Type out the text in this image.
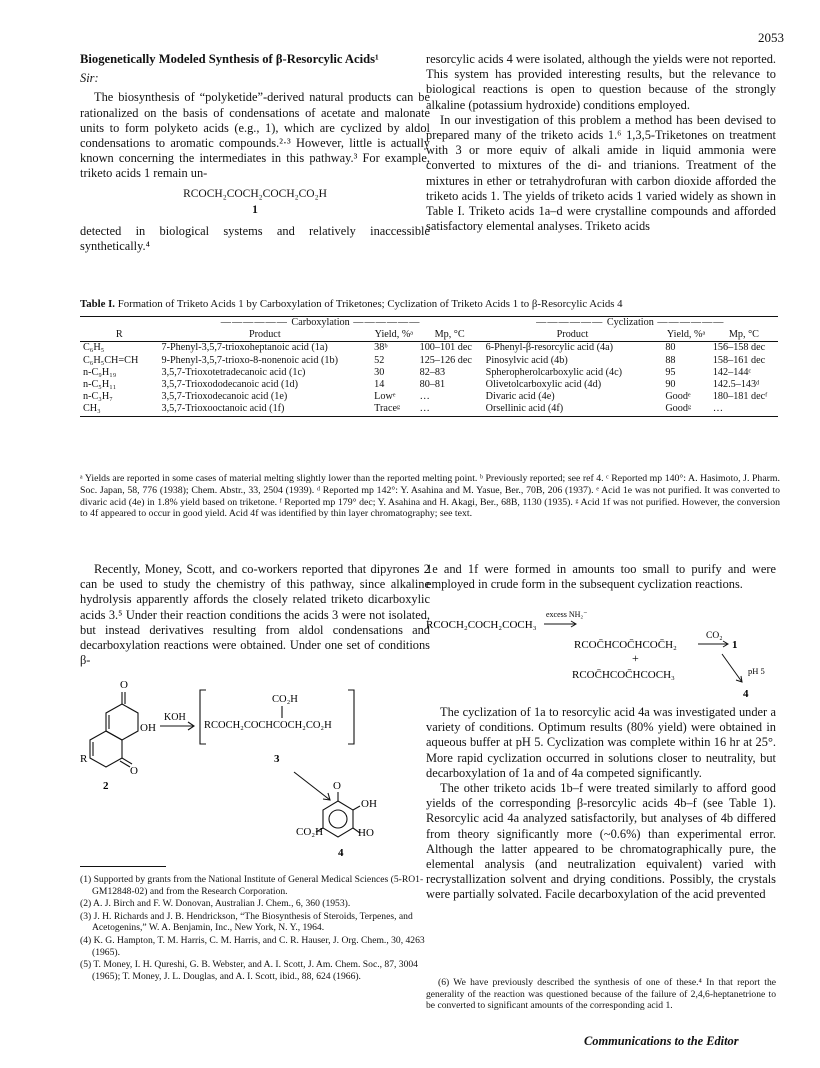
2053
Biogenetically Modeled Synthesis of β-Resorcylic Acids¹
Sir:

The biosynthesis of “polyketide”-derived natural products can be rationalized on the basis of condensations of acetate and malonate units to form polyketo acids (e.g., 1), which are cyclized by aldol condensations to aromatic compounds.²·³ However, little is actually known concerning the intermediates in this pathway.³ For example, triketo acids 1 remain un-

RCOCH₂COCH₂COCH₂CO₂H
1

detected in biological systems and relatively inaccessible synthetically.⁴

resorcylic acids 4 were isolated, although the yields were not reported. This system has provided interesting results, but the relevance to biological reactions is open to question because of the strongly alkaline (potassium hydroxide) conditions employed.

In our investigation of this problem a method has been devised to prepared many of the triketo acids 1.⁶ 1,3,5-Triketones on treatment with 3 or more equiv of alkali amide in liquid ammonia were converted to mixtures of the di- and trianions. Treatment of the mixtures in ether or tetrahydrofuran with carbon dioxide afforded the triketo acids 1. The yields of triketo acids 1 varied widely as shown in Table I. Triketo acids 1a–d were crystalline compounds and afforded satisfactory elemental analyses. Triketo acids

Table I. Formation of Triketo Acids 1 by Carboxylation of Triketones; Cyclization of Triketo Acids 1 to β-Resorcylic Acids 4
	—————— Carboxylation ——————			—————— Cyclization ——————		
R	Product	Yield, %ᵃ	Mp, °C	Product	Yield, %ᵃ	Mp, °C
C₆H₅	7-Phenyl-3,5,7-trioxoheptanoic acid (1a)	38ᵇ	100–101 dec	6-Phenyl-β-resorcylic acid (4a)	80	156–158 dec
C₆H₅CH=CH	9-Phenyl-3,5,7-trioxo-8-nonenoic acid (1b)	52	125–126 dec	Pinosylvic acid (4b)	88	158–161 dec
n-C₉H₁₉	3,5,7-Trioxotetradecanoic acid (1c)	30	82–83	Spheropherolcarboxylic acid (4c)	95	142–144ᶜ
n-C₅H₁₁	3,5,7-Trioxododecanoic acid (1d)	14	80–81	Olivetolcarboxylic acid (4d)	90	142.5–143ᵈ
n-C₃H₇	3,5,7-Trioxodecanoic acid (1e)	Lowᵉ	…	Divaric acid (4e)	Goodᵉ	180–181 decᶠ
CH₃	3,5,7-Trioxooctanoic acid (1f)	Traceᵍ	…	Orsellinic acid (4f)	Goodᵍ	…
ᵃ Yields are reported in some cases of material melting slightly lower than the reported melting point. ᵇ Previously reported; see ref 4. ᶜ Reported mp 140°: A. Hasimoto, J. Pharm. Soc. Japan, 58, 776 (1938); Chem. Abstr., 33, 2504 (1939). ᵈ Reported mp 142°: Y. Asahina and M. Yasue, Ber., 70B, 206 (1937). ᵉ Acid 1e was not purified. It was converted to divaric acid (4e) in 1.8% yield based on triketone. ᶠ Reported mp 179° dec; Y. Asahina and H. Akagi, Ber., 68B, 1130 (1935). ᵍ Acid 1f was not purified. However, the conversion to 4f appeared to occur in good yield. Acid 4f was identified by thin layer chromatography; see text.

Recently, Money, Scott, and co-workers reported that dipyrones 2 can be used to study the chemistry of this pathway, since alkaline hydrolysis apparently affords the closely related triketo dicarboxylic acids 3.⁵ Under their reaction conditions the acids 3 were not isolated, but instead derivatives resulting from aldol condensations and decarboxylation reactions were obtained. Under one set of conditions β-

O
OH
O
R
2
KOH
CO₂H
RCOCH₂COCHCOCH₂CO₂H
3
O
OH
CO₂H	HO
4

(1) Supported by grants from the National Institute of General Medical Sciences (5-RO1-GM12848-02) and from the Research Corporation.

(2) A. J. Birch and F. W. Donovan, Australian J. Chem., 6, 360 (1953).

(3) J. H. Richards and J. B. Hendrickson, “The Biosynthesis of Steroids, Terpenes, and Acetogenins,” W. A. Benjamin, Inc., New York, N. Y., 1964.

(4) K. G. Hampton, T. M. Harris, C. M. Harris, and C. R. Hauser, J. Org. Chem., 30, 4263 (1965).

(5) T. Money, I. H. Qureshi, G. B. Webster, and A. I. Scott, J. Am. Chem. Soc., 87, 3004 (1965); T. Money, J. L. Douglas, and A. I. Scott, ibid., 88, 624 (1966).

1e and 1f were formed in amounts too small to purify and were employed in crude form in the subsequent cyclization reactions.

excess NH₂⁻
RCOCH₂COCH₂COCH₃
RCOC̄HCOC̄HCOC̄H₂
CO₂
1
+
RCOC̄HCOC̄HCOCH₃	pH 5
4

The cyclization of 1a to resorcylic acid 4a was investigated under a variety of conditions. Optimum results (80% yield) were obtained in aqueous buffer at pH 5. Cyclization was complete within 16 hr at 25°. More rapid cyclization occurred in solutions closer to neutrality, but decarboxylation of 1a and of 4a competed significantly.

The other triketo acids 1b–f were treated similarly to afford good yields of the corresponding β-resorcylic acids 4b–f (see Table 1). Resorcylic acid 4a analyzed satisfactorily, but analyses of 4b differed from theory significantly more (~0.6%) than experimental error. Although the latter appeared to be chromatographically pure, the elemental analysis (and neutralization equivalent) varied with recrystallization solvent and drying conditions. Possibly, the crystals were partially solvated. Facile decarboxylation of the acid prevented

(6) We have previously described the synthesis of one of these.⁴ In that report the generality of the reaction was questioned because of the failure of 2,4,6-heptanetrione to be converted to significant amounts of the corresponding acid 1.

Communications to the Editor
